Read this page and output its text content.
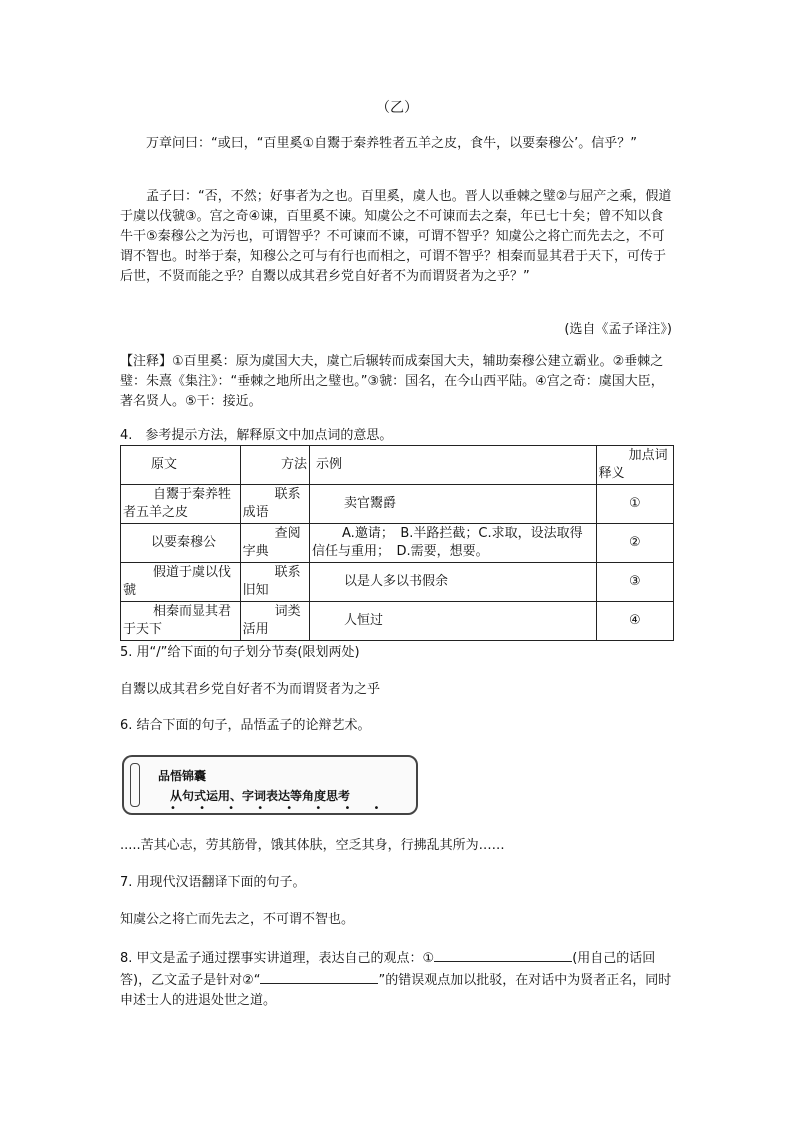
（乙）
万章问曰：“或曰，“百里奚①自鬻于秦养牲者五羊之皮，食牛，以要秦穆公’。信乎？”
孟子曰：“否，不然；好事者为之也。百里奚，虞人也。晋人以垂棘之璧②与屈产之乘，假道于虞以伐虢③。宫之奇④谏，百里奚不谏。知虞公之不可谏而去之秦，年已七十矣；曾不知以食牛干⑤秦穆公之为污也，可谓智乎？不可谏而不谏，可谓不智乎？知虞公之将亡而先去之，不可谓不智也。时举于秦，知穆公之可与有行也而相之，可谓不智乎？相秦而显其君于天下，可传于后世，不贤而能之乎？自鬻以成其君乡党自好者不为而谓贤者为之乎？”
(选自《孟子译注》)
【注释】①百里奚：原为虞国大夫，虞亡后辗转而成秦国大夫，辅助秦穆公建立霸业。②垂棘之璧：朱熹《集注》：“垂棘之地所出之璧也。”③虢：国名，在今山西平陆。④宫之奇：虞国大臣，著名贤人。⑤干：接近。
4.　参考提示方法，解释原文中加点词的意思。
原文	方法	示例	加点词释义
自鬻于秦养牲者五羊之皮	联系成语	卖官鬻爵	①
以要秦穆公	查阅字典	A.邀请；　B.半路拦截；C.求取，设法取得信任与重用；　D.需要，想要。	②
假道于虞以伐虢	联系旧知	以是人多以书假余	③
相秦而显其君于天下	词类活用	人恒过	④
5. 用“/”给下面的句子划分节奏(限划两处)
自鬻以成其君乡党自好者不为而谓贤者为之乎
6. 结合下面的句子，品悟孟子的论辩艺术。
品悟锦囊
从句式运用、字词表达等角度思考
• • • • • • • •
.....苦其心志，劳其筋骨，饿其体肤，空乏其身，行拂乱其所为……
7. 用现代汉语翻译下面的句子。
知虞公之将亡而先去之，不可谓不智也。
8. 甲文是孟子通过摆事实讲道理，表达自己的观点：①	(用自己的话回答)，乙文孟子是针对②“	”的错误观点加以批驳，在对话中为贤者正名，同时申述士人的进退处世之道。
